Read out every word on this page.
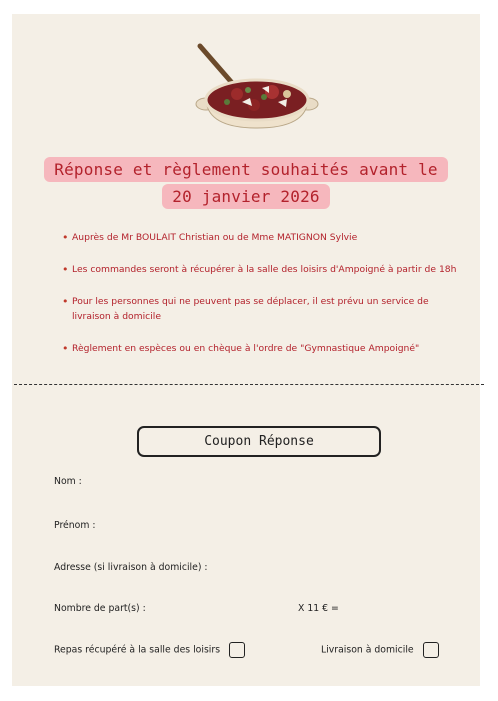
Réponse et règlement souhaités avant le
20 janvier 2026
• Auprès de Mr BOULAIT Christian ou de Mme MATIGNON Sylvie
• Les commandes seront à récupérer à la salle des loisirs d'Ampoigné à partir de 18h
• Pour les personnes qui ne peuvent pas se déplacer, il est prévu un service de livraison à domicile
• Règlement en espèces ou en chèque à l'ordre de "Gymnastique Ampoigné"
Coupon Réponse
Nom :
Prénom :
Adresse (si livraison à domicile) :
Nombre de part(s) :	X 11 € =
Repas récupéré à la salle des loisirs	Livraison à domicile
